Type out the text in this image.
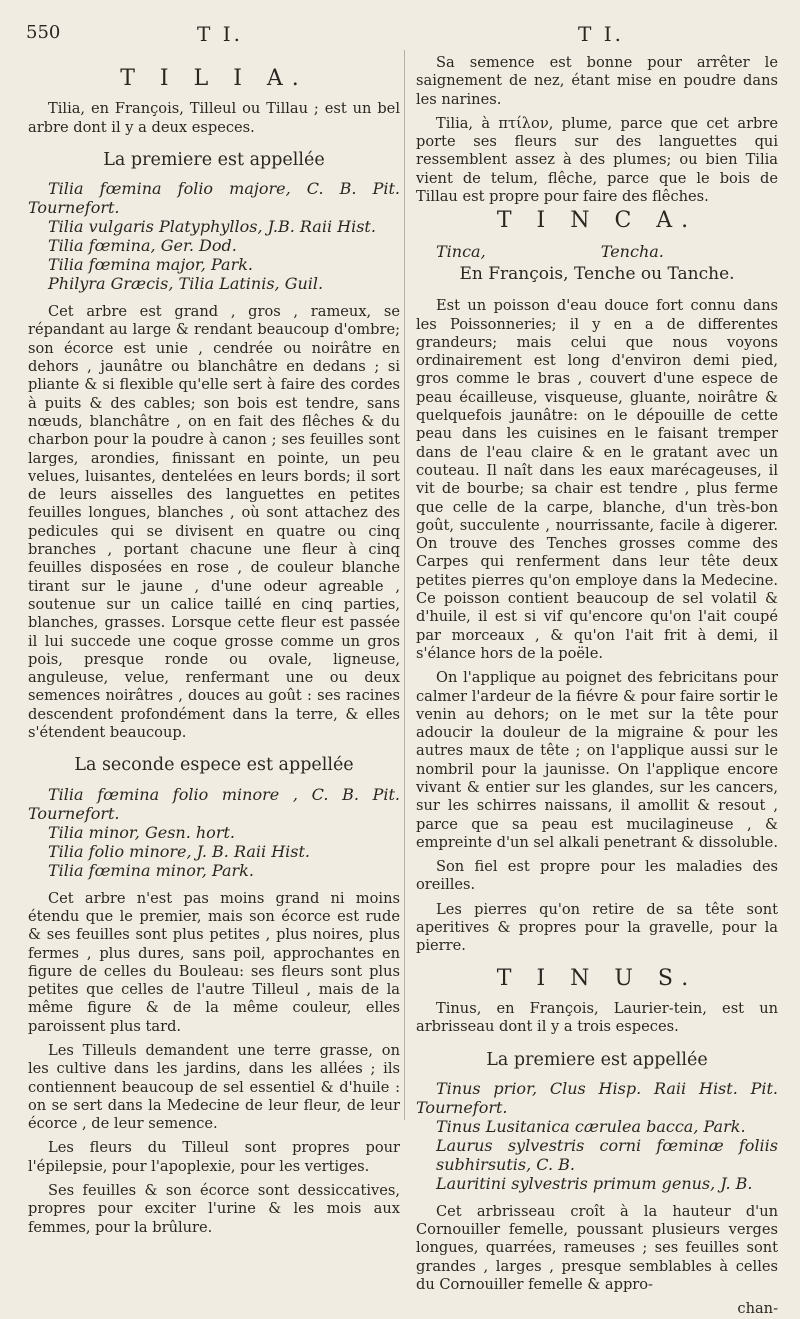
550	T I.	T I.
T I L I A.

Tilia, en François, Tilleul ou Tillau ; est un bel arbre dont il y a deux especes.

La premiere est appellée

Tilia fœmina folio majore, C. B. Pit. Tournefort.

Tilia vulgaris Platyphyllos, J.B. Raii Hist.

Tilia fœmina, Ger. Dod.

Tilia fœmina major, Park.

Philyra Græcis, Tilia Latinis, Guil.

Cet arbre est grand , gros , rameux, se répandant au large & rendant beaucoup d'ombre; son écorce est unie , cendrée ou noirâtre en dehors , jaunâtre ou blanchâtre en dedans ; si pliante & si flexible qu'elle sert à faire des cordes à puits & des cables; son bois est tendre, sans nœuds, blanchâtre , on en fait des flêches & du charbon pour la poudre à canon ; ses feuilles sont larges, arondies, finissant en pointe, un peu velues, luisantes, dentelées en leurs bords; il sort de leurs aisselles des languettes en petites feuilles longues, blanches , où sont attachez des pedicules qui se divisent en quatre ou cinq branches , portant chacune une fleur à cinq feuilles disposées en rose , de couleur blanche tirant sur le jaune , d'une odeur agreable , soutenue sur un calice taillé en cinq parties, blanches, grasses. Lorsque cette fleur est passée il lui succede une coque grosse comme un gros pois, presque ronde ou ovale, ligneuse, anguleuse, velue, renfermant une ou deux semences noirâtres , douces au goût : ses racines descendent profondément dans la terre, & elles s'étendent beaucoup.

La seconde espece est appellée

Tilia fœmina folio minore , C. B. Pit. Tournefort.

Tilia minor, Gesn. hort.

Tilia folio minore, J. B. Raii Hist.

Tilia fœmina minor, Park.

Cet arbre n'est pas moins grand ni moins étendu que le premier, mais son écorce est rude & ses feuilles sont plus petites , plus noires, plus fermes , plus dures, sans poil, approchantes en figure de celles du Bouleau: ses fleurs sont plus petites que celles de l'autre Tilleul , mais de la même figure & de la même couleur, elles paroissent plus tard.

Les Tilleuls demandent une terre grasse, on les cultive dans les jardins, dans les allées ; ils contiennent beaucoup de sel essentiel & d'huile : on se sert dans la Medecine de leur fleur, de leur écorce , de leur semence.

Les fleurs du Tilleul sont propres pour l'épilepsie, pour l'apoplexie, pour les vertiges.

Ses feuilles & son écorce sont dessiccatives, propres pour exciter l'urine & les mois aux femmes, pour la brûlure.

Sa semence est bonne pour arrêter le saignement de nez, étant mise en poudre dans les narines.

Tilia, à πτίλον, plume, parce que cet arbre porte ses fleurs sur des languettes qui ressemblent assez à des plumes; ou bien Tilia vient de telum, flêche, parce que le bois de Tillau est propre pour faire des flêches.

T I N C A.
Tinca,	Tencha.
En François, Tenche ou Tanche.

Est un poisson d'eau douce fort connu dans les Poissonneries; il y en a de differentes grandeurs; mais celui que nous voyons ordinairement est long d'environ demi pied, gros comme le bras , couvert d'une espece de peau écailleuse, visqueuse, gluante, noirâtre & quelquefois jaunâtre: on le dépouille de cette peau dans les cuisines en le faisant tremper dans de l'eau claire & en le gratant avec un couteau. Il naît dans les eaux marécageuses, il vit de bourbe; sa chair est tendre , plus ferme que celle de la carpe, blanche, d'un très-bon goût, succulente , nourrissante, facile à digerer. On trouve des Tenches grosses comme des Carpes qui renferment dans leur tête deux petites pierres qu'on employe dans la Medecine. Ce poisson contient beaucoup de sel volatil & d'huile, il est si vif qu'encore qu'on l'ait coupé par morceaux , & qu'on l'ait frit à demi, il s'élance hors de la poële.

On l'applique au poignet des febricitans pour calmer l'ardeur de la fiévre & pour faire sortir le venin au dehors; on le met sur la tête pour adoucir la douleur de la migraine & pour les autres maux de tête ; on l'applique aussi sur le nombril pour la jaunisse. On l'applique encore vivant & entier sur les glandes, sur les cancers, sur les schirres naissans, il amollit & resout , parce que sa peau est mucilagineuse , & empreinte d'un sel alkali penetrant & dissoluble.

Son fiel est propre pour les maladies des oreilles.

Les pierres qu'on retire de sa tête sont aperitives & propres pour la gravelle, pour la pierre.

T I N U S.

Tinus, en François, Laurier-tein, est un arbrisseau dont il y a trois especes.

La premiere est appellée

Tinus prior, Clus Hisp. Raii Hist. Pit. Tournefort.

Tinus Lusitanica cærulea bacca, Park.

Laurus sylvestris corni fœminæ foliis subhirsutis, C. B.

Lauritini sylvestris primum genus, J. B.

Cet arbrisseau croît à la hauteur d'un Cornouiller femelle, poussant plusieurs verges longues, quarrées, rameuses ; ses feuilles sont grandes , larges , presque semblables à celles du Cornouiller femelle & appro-

chan-
